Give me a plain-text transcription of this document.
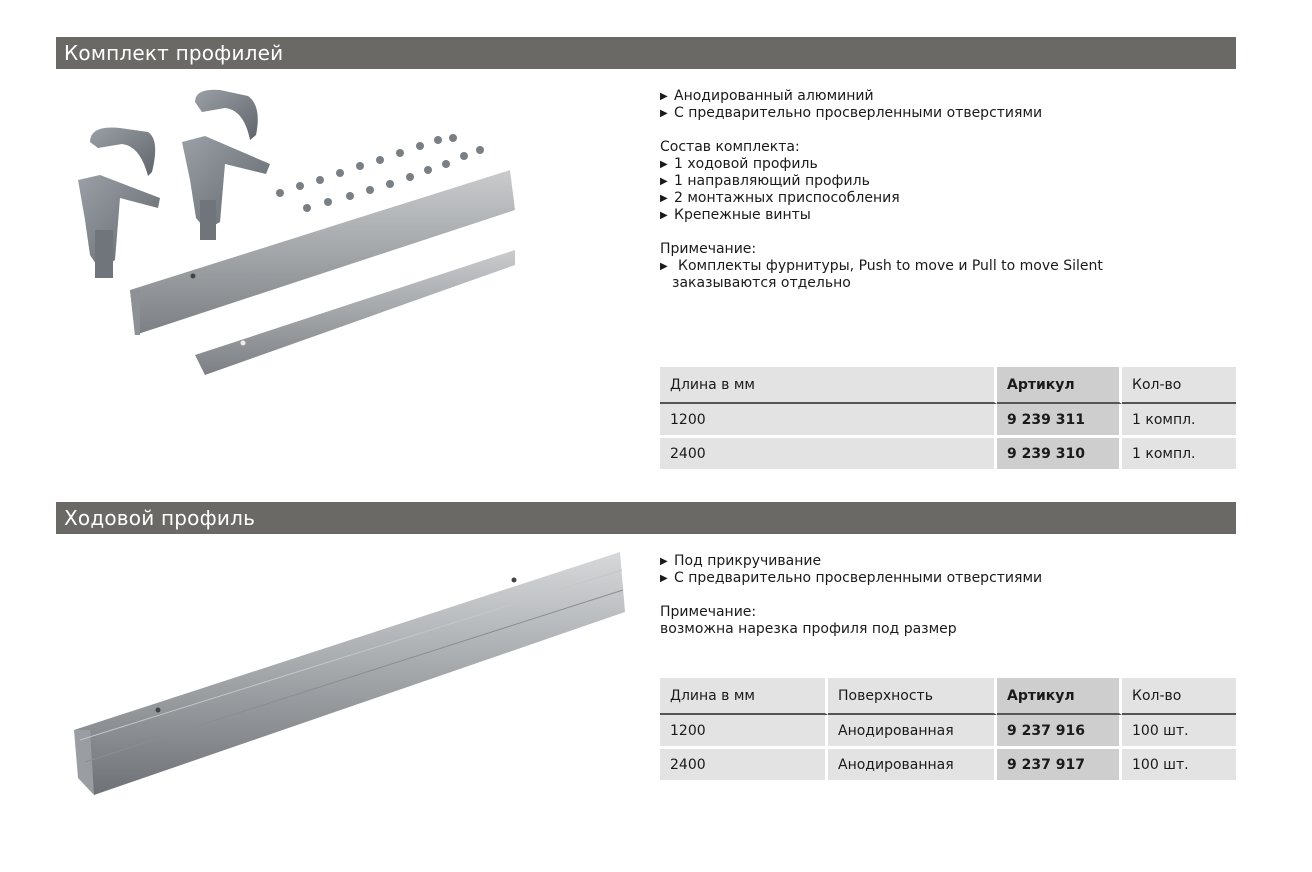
Комплект профилей
▶ Анодированный алюминий
▶ С предварительно просверленными отверстиями
Состав комплекта:
▶ 1 ходовой профиль
▶ 1 направляющий профиль
▶ 2 монтажных приспособления
▶ Крепежные винты
Примечание:
▶ Комплекты фурнитуры, Push to move и Pull to move Silent
заказываются отдельно
Длина в мм	Артикул	Кол-во
1200	9 239 311	1 компл.
2400	9 239 310	1 компл.
Ходовой профиль
▶ Под прикручивание
▶ С предварительно просверленными отверстиями
Примечание:
возможна нарезка профиля под размер
Длина в мм	Поверхность	Артикул	Кол-во
1200	Анодированная	9 237 916	100 шт.
2400	Анодированная	9 237 917	100 шт.
